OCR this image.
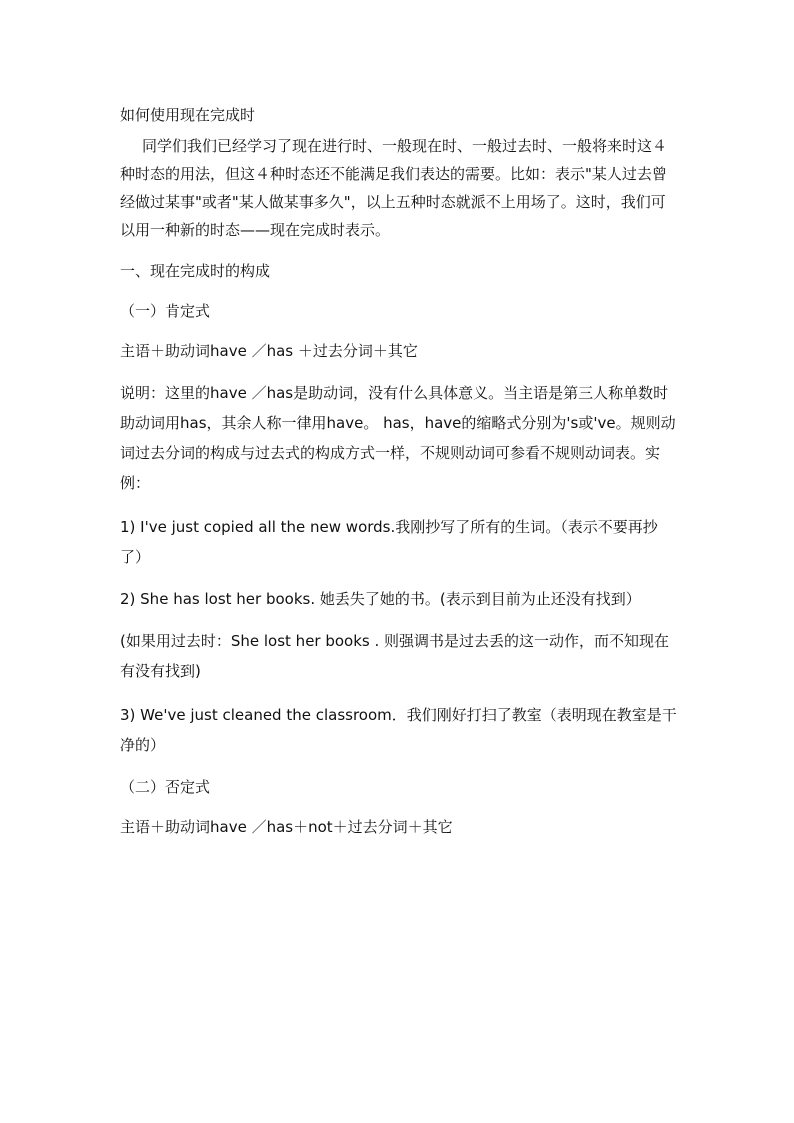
如何使用现在完成时

同学们我们已经学习了现在进行时、一般现在时、一般过去时、一般将来时这４种时态的用法，但这４种时态还不能满足我们表达的需要。比如：表示"某人过去曾经做过某事"或者"某人做某事多久"，以上五种时态就派不上用场了。这时，我们可以用一种新的时态——现在完成时表示。

一、现在完成时的构成

（一）肯定式

主语＋助动词have ／has ＋过去分词＋其它

说明：这里的have ／has是助动词，没有什么具体意义。当主语是第三人称单数时助动词用has，其余人称一律用have。 has，have的缩略式分别为's或've。规则动词过去分词的构成与过去式的构成方式一样，不规则动词可参看不规则动词表。实例：

1) I've just copied all the new words.我刚抄写了所有的生词。（表示不要再抄了）

2) She has lost her books. 她丢失了她的书。(表示到目前为止还没有找到）

(如果用过去时：She lost her books . 则强调书是过去丢的这一动作，而不知现在有没有找到)

3) We've just cleaned the classroom．我们刚好打扫了教室（表明现在教室是干净的）

（二）否定式

主语＋助动词have ／has＋not＋过去分词＋其它
